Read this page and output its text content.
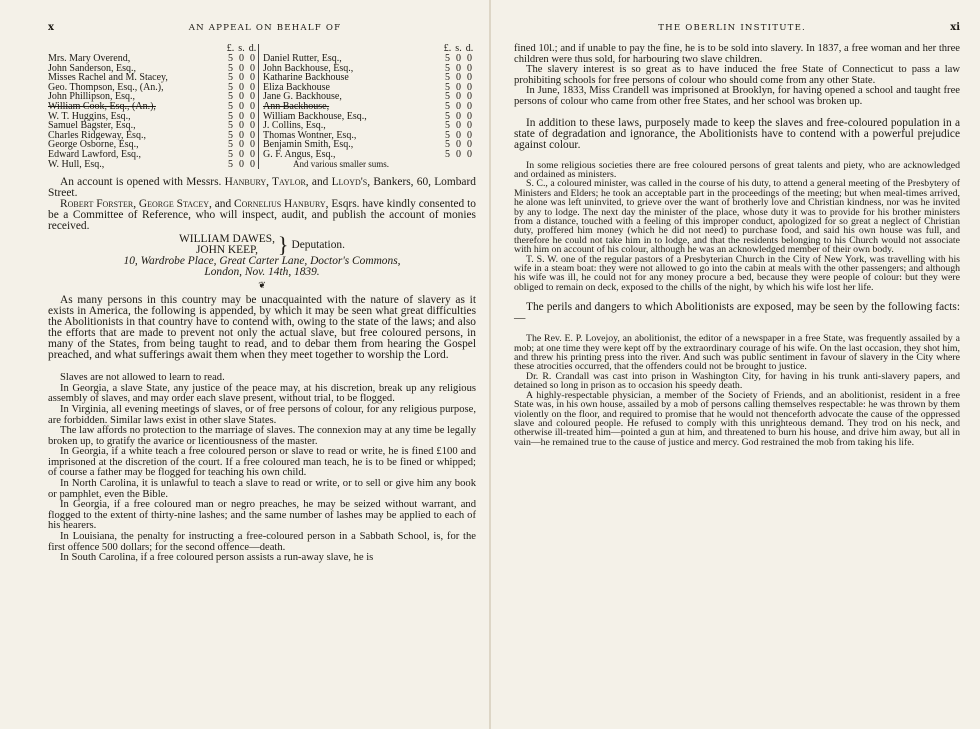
x	AN APPEAL ON BEHALF OF
£. s. d.
Mrs. Mary Overend,	5 0 0
John Sanderson, Esq.,	5 0 0
Misses Rachel and M. Stacey,	5 0 0
Geo. Thompson, Esq., (An.),	5 0 0
John Phillipson, Esq.,	5 0 0
William Cook, Esq., (An.),	5 0 0
W. T. Huggins, Esq.,	5 0 0
Samuel Bagster, Esq.,	5 0 0
Charles Ridgeway, Esq.,	5 0 0
George Osborne, Esq.,	5 0 0
Edward Lawford, Esq.,	5 0 0
W. Hull, Esq.,	5 0 0
£. s. d.
Daniel Rutter, Esq.,	5 0 0
John Backhouse, Esq.,	5 0 0
Katharine Backhouse	5 0 0
Eliza Backhouse	5 0 0
Jane G. Backhouse,	5 0 0
Ann Backhouse,	5 0 0
William Backhouse, Esq.,	5 0 0
J. Collins, Esq.,	5 0 0
Thomas Wontner, Esq.,	5 0 0
Benjamin Smith, Esq.,	5 0 0
G. F. Angus, Esq.,	5 0 0
And various smaller sums.

An account is opened with Messrs. Hanbury, Taylor, and Lloyd's, Bankers, 60, Lombard Street.

Robert Forster, George Stacey, and Cornelius Hanbury, Esqrs. have kindly consented to be a Committee of Reference, who will inspect, audit, and publish the account of monies received.

WILLIAM DAWES,
JOHN KEEP, } Deputation.

10, Wardrobe Place, Great Carter Lane, Doctor's Commons,

London, Nov. 14th, 1839.

❦

As many persons in this country may be unacquainted with the nature of slavery as it exists in America, the following is appended, by which it may be seen what great difficulties the Abolitionists in that country have to contend with, owing to the state of the laws; and also the efforts that are made to prevent not only the actual slave, but free coloured persons, in many of the States, from being taught to read, and to debar them from hearing the Gospel preached, and what sufferings await them when they meet together to worship the Lord.

Slaves are not allowed to learn to read.

In Georgia, a slave State, any justice of the peace may, at his discretion, break up any religious assembly of slaves, and may order each slave present, without trial, to be flogged.

In Virginia, all evening meetings of slaves, or of free persons of colour, for any religious purpose, are forbidden. Similar laws exist in other slave States.

The law affords no protection to the marriage of slaves. The connexion may at any time be legally broken up, to gratify the avarice or licentiousness of the master.

In Georgia, if a white teach a free coloured person or slave to read or write, he is fined £100 and imprisoned at the discretion of the court. If a free coloured man teach, he is to be fined or whipped; of course a father may be flogged for teaching his own child.

In North Carolina, it is unlawful to teach a slave to read or write, or to sell or give him any book or pamphlet, even the Bible.

In Georgia, if a free coloured man or negro preaches, he may be seized without warrant, and flogged to the extent of thirty-nine lashes; and the same number of lashes may be applied to each of his hearers.

In Louisiana, the penalty for instructing a free-coloured person in a Sabbath School, is, for the first offence 500 dollars; for the second offence—death.

In South Carolina, if a free coloured person assists a run-away slave, he is

THE OBERLIN INSTITUTE.	xi

fined 10l.; and if unable to pay the fine, he is to be sold into slavery. In 1837, a free woman and her three children were thus sold, for harbouring two slave children.

The slavery interest is so great as to have induced the free State of Connecticut to pass a law prohibiting schools for free persons of colour who should come from any other State.

In June, 1833, Miss Crandell was imprisoned at Brooklyn, for having opened a school and taught free persons of colour who came from other free States, and her school was broken up.

In addition to these laws, purposely made to keep the slaves and free-coloured population in a state of degradation and ignorance, the Abolitionists have to contend with a powerful prejudice against colour.

In some religious societies there are free coloured persons of great talents and piety, who are acknowledged and ordained as ministers.

S. C., a coloured minister, was called in the course of his duty, to attend a general meeting of the Presbytery of Ministers and Elders; he took an acceptable part in the proceedings of the meeting; but when meal-times arrived, he alone was left uninvited, to grieve over the want of brotherly love and Christian kindness, nor was he invited by any to lodge. The next day the minister of the place, whose duty it was to provide for his brother ministers from a distance, touched with a feeling of this improper conduct, apologized for so great a neglect of Christian duty, proffered him money (which he did not need) to purchase food, and said his own house was full, and therefore he could not take him in to lodge, and that the residents belonging to his Church would not associate with him on account of his colour, although he was an acknowledged member of their own body.

T. S. W. one of the regular pastors of a Presbyterian Church in the City of New York, was travelling with his wife in a steam boat: they were not allowed to go into the cabin at meals with the other passengers; and although his wife was ill, he could not for any money procure a bed, because they were people of colour: but they were obliged to remain on deck, exposed to the chills of the night, by which his wife lost her life.

The perils and dangers to which Abolitionists are exposed, may be seen by the following facts:—

The Rev. E. P. Lovejoy, an abolitionist, the editor of a newspaper in a free State, was frequently assailed by a mob; at one time they were kept off by the extraordinary courage of his wife. On the last occasion, they shot him, and threw his printing press into the river. And such was public sentiment in favour of slavery in the City where these atrocities occurred, that the offenders could not be brought to justice.

Dr. R. Crandall was cast into prison in Washington City, for having in his trunk anti-slavery papers, and detained so long in prison as to occasion his speedy death.

A highly-respectable physician, a member of the Society of Friends, and an abolitionist, resident in a free State was, in his own house, assailed by a mob of persons calling themselves respectable: he was thrown by them violently on the floor, and required to promise that he would not thenceforth advocate the cause of the oppressed slave and coloured people. He refused to comply with this unrighteous demand. They trod on his neck, and otherwise ill-treated him—pointed a gun at him, and threatened to burn his house, and drive him away, but all in vain—he remained true to the cause of justice and mercy. God restrained the mob from taking his life.
